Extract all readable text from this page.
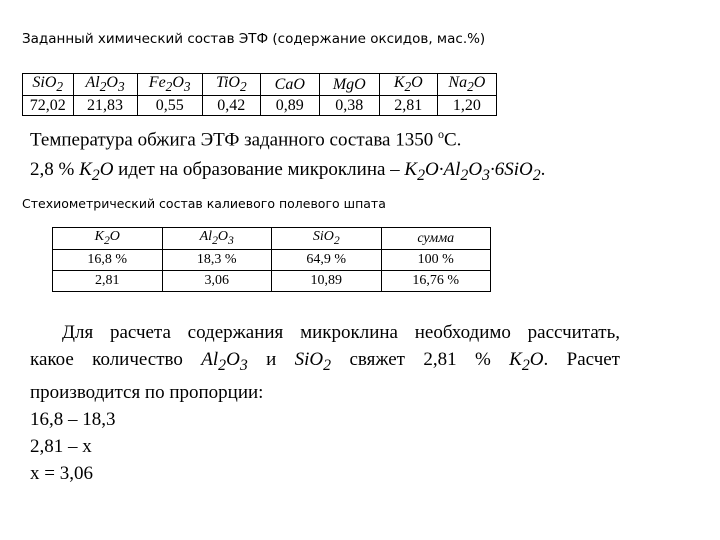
Заданный химический состав ЭТФ (содержание оксидов, мас.%)
SiO$_2$	$Al_2O_3$	$Fe_2O_3$	TiO$_2$	CaO	MgO	$K_2O$	$Na_2O$
72,02	21,83	0,55	0,42	0,89	0,38	2,81	1,20
Температура обжига ЭТФ заданного состава 1350 $^о$С.
2,8 % $K_2O$ идет на образование микроклина – $K_2O\cdot Al_2O_3\cdot 6SiO_2$.
Стехиометрический состав калиевого полевого шпата
$K_2O$	$Al_2O_3$	SiO$_2$	сумма
16,8 %	18,3 %	64,9 %	100 %
2,81	3,06	10,89	16,76 %
Для расчета содержания микроклина необходимо рассчитать,
какое количество $Al_2O_3$ и SiO$_2$ свяжет 2,81 % $K_2O$. Расчет
производится по пропорции:
16,8 – 18,3
2,81 – х
х = 3,06
